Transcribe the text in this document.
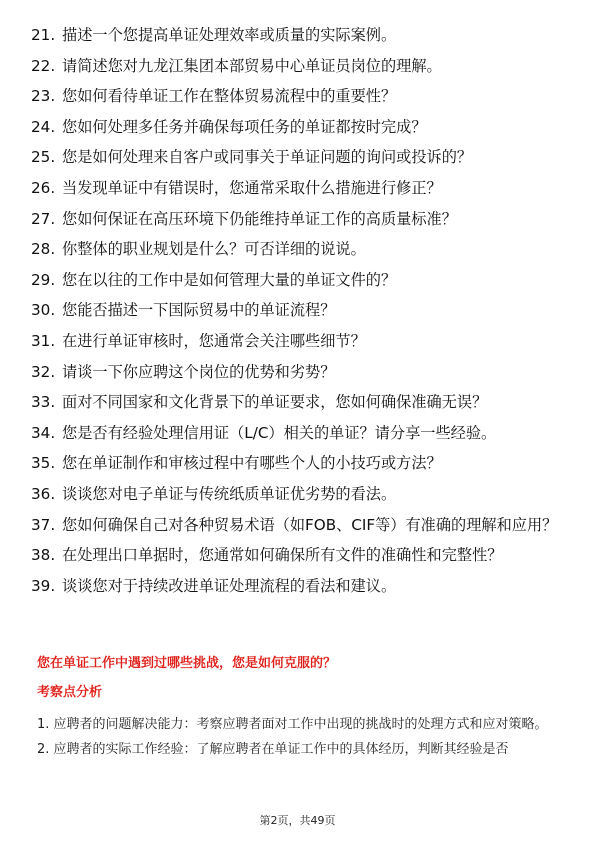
21. 描述一个您提高单证处理效率或质量的实际案例。
22. 请简述您对九龙江集团本部贸易中心单证员岗位的理解。
23. 您如何看待单证工作在整体贸易流程中的重要性？
24. 您如何处理多任务并确保每项任务的单证都按时完成？
25. 您是如何处理来自客户或同事关于单证问题的询问或投诉的？
26. 当发现单证中有错误时，您通常采取什么措施进行修正？
27. 您如何保证在高压环境下仍能维持单证工作的高质量标准？
28. 你整体的职业规划是什么？可否详细的说说。
29. 您在以往的工作中是如何管理大量的单证文件的？
30. 您能否描述一下国际贸易中的单证流程？
31. 在进行单证审核时，您通常会关注哪些细节？
32. 请谈一下你应聘这个岗位的优势和劣势？
33. 面对不同国家和文化背景下的单证要求，您如何确保准确无误？
34. 您是否有经验处理信用证（L/C）相关的单证？请分享一些经验。
35. 您在单证制作和审核过程中有哪些个人的小技巧或方法？
36. 谈谈您对电子单证与传统纸质单证优劣势的看法。
37. 您如何确保自己对各种贸易术语（如FOB、CIF等）有准确的理解和应用？
38. 在处理出口单据时，您通常如何确保所有文件的准确性和完整性？
39. 谈谈您对于持续改进单证处理流程的看法和建议。
您在单证工作中遇到过哪些挑战，您是如何克服的？
考察点分析
1. 应聘者的问题解决能力：考察应聘者面对工作中出现的挑战时的处理方式和应对策略。
2. 应聘者的实际工作经验：了解应聘者在单证工作中的具体经历，判断其经验是否
第2页，共49页
